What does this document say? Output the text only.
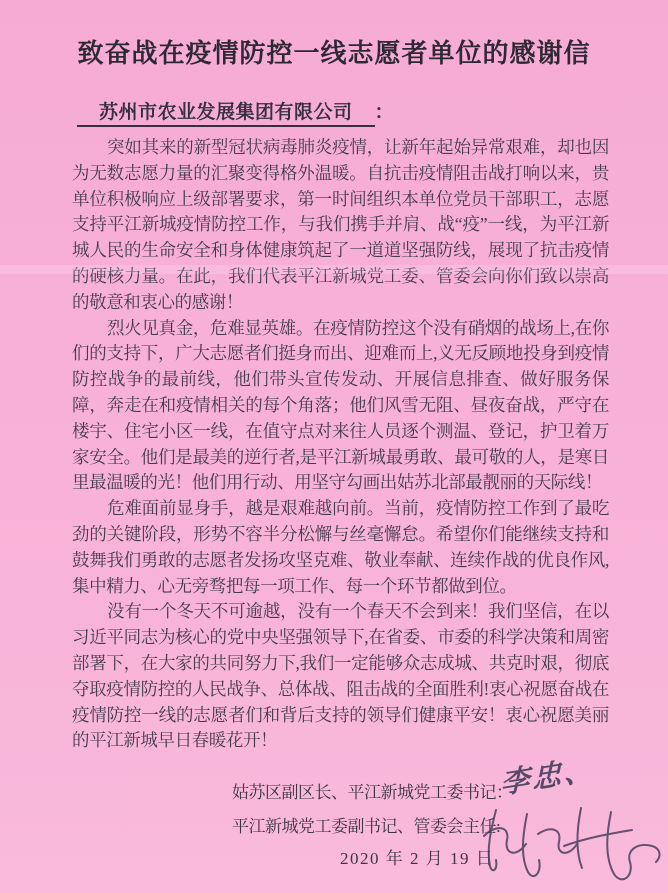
致奋战在疫情防控一线志愿者单位的感谢信
苏州市农业发展集团有限公司 ：

突如其来的新型冠状病毒肺炎疫情，让新年起始异常艰难，却也因为无数志愿力量的汇聚变得格外温暖。自抗击疫情阻击战打响以来，贵单位积极响应上级部署要求，第一时间组织本单位党员干部职工，志愿支持平江新城疫情防控工作，与我们携手并肩、战“疫”一线，为平江新城人民的生命安全和身体健康筑起了一道道坚强防线，展现了抗击疫情的硬核力量。在此，我们代表平江新城党工委、管委会向你们致以崇高的敬意和衷心的感谢！

烈火见真金，危难显英雄。在疫情防控这个没有硝烟的战场上,在你们的支持下，广大志愿者们挺身而出、迎难而上,义无反顾地投身到疫情防控战争的最前线，他们带头宣传发动、开展信息排查、做好服务保障，奔走在和疫情相关的每个角落；他们风雪无阻、昼夜奋战，严守在楼宇、住宅小区一线，在值守点对来往人员逐个测温、登记，护卫着万家安全。他们是最美的逆行者,是平江新城最勇敢、最可敬的人，是寒日里最温暖的光！他们用行动、用坚守勾画出姑苏北部最靓丽的天际线！

危难面前显身手，越是艰难越向前。当前，疫情防控工作到了最吃劲的关键阶段，形势不容半分松懈与丝毫懈怠。希望你们能继续支持和鼓舞我们勇敢的志愿者发扬攻坚克难、敬业奉献、连续作战的优良作风,集中精力、心无旁骛把每一项工作、每一个环节都做到位。

没有一个冬天不可逾越，没有一个春天不会到来！我们坚信，在以习近平同志为核心的党中央坚强领导下,在省委、市委的科学决策和周密部署下，在大家的共同努力下,我们一定能够众志成城、共克时艰，彻底夺取疫情防控的人民战争、总体战、阻击战的全面胜利!衷心祝愿奋战在疫情防控一线的志愿者们和背后支持的领导们健康平安！衷心祝愿美丽的平江新城早日春暖花开！

姑苏区副区长、平江新城党工委书记：
平江新城党工委副书记、管委会主任:
2020 年 2 月 19 日
李忠、
